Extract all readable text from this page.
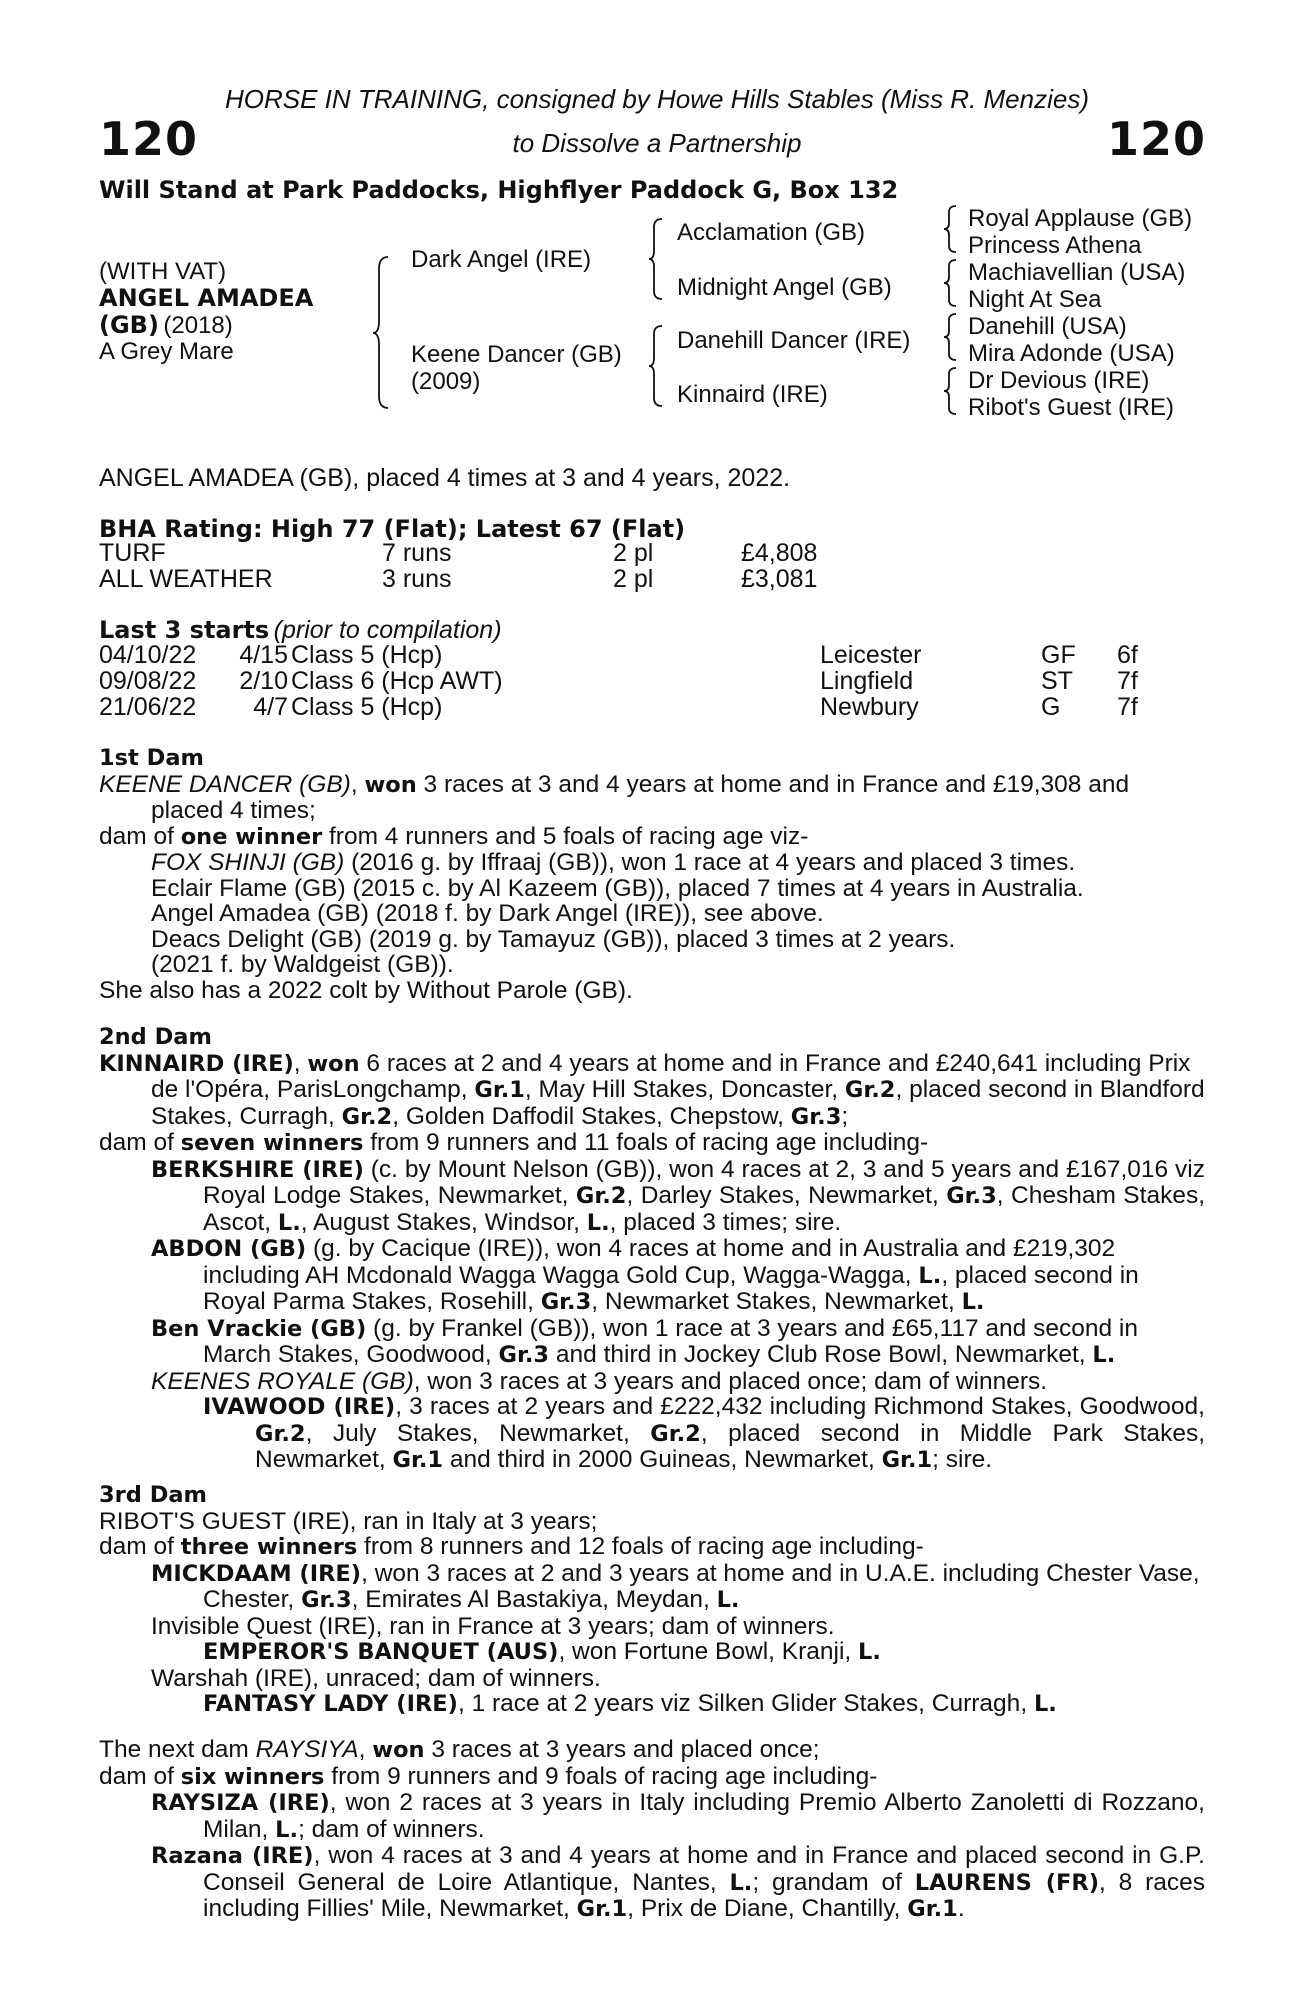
120	120
HORSE IN TRAINING, consigned by Howe Hills Stables (Miss R. Menzies)
to Dissolve a Partnership
Will Stand at Park Paddocks, Highflyer Paddock G, Box 132
(WITH VAT)
ANGEL AMADEA
(GB) (2018)
A Grey Mare
Dark Angel (IRE)
Keene Dancer (GB)
(2009)
Acclamation (GB)
Midnight Angel (GB)
Danehill Dancer (IRE)
Kinnaird (IRE)
Royal Applause (GB)
Princess Athena
Machiavellian (USA)
Night At Sea
Danehill (USA)
Mira Adonde (USA)
Dr Devious (IRE)
Ribot's Guest (IRE)
ANGEL AMADEA (GB), placed 4 times at 3 and 4 years, 2022.
BHA Rating: High 77 (Flat); Latest 67 (Flat)
TURF	7 runs	2 pl	£4,808
ALL WEATHER	3 runs	2 pl	£3,081
Last 3 starts (prior to compilation)
04/10/22	4/15 Class 5 (Hcp)	Leicester	GF 6f
09/08/22	2/10 Class 6 (Hcp AWT)	Lingfield	ST 7f
21/06/22	4/7 Class 5 (Hcp)	Newbury	G 7f

1st Dam

KEENE DANCER (GB), won 3 races at 3 and 4 years at home and in France and £19,308 and placed 4 times;

dam of one winner from 4 runners and 5 foals of racing age viz-

FOX SHINJI (GB) (2016 g. by Iffraaj (GB)), won 1 race at 4 years and placed 3 times.

Eclair Flame (GB) (2015 c. by Al Kazeem (GB)), placed 7 times at 4 years in Australia.

Angel Amadea (GB) (2018 f. by Dark Angel (IRE)), see above.

Deacs Delight (GB) (2019 g. by Tamayuz (GB)), placed 3 times at 2 years.

(2021 f. by Waldgeist (GB)).

She also has a 2022 colt by Without Parole (GB).

2nd Dam

KINNAIRD (IRE), won 6 races at 2 and 4 years at home and in France and £240,641 including Prix de l'Opéra, ParisLongchamp, Gr.1, May Hill Stakes, Doncaster, Gr.2, placed second in Blandford Stakes, Curragh, Gr.2, Golden Daffodil Stakes, Chepstow, Gr.3;

dam of seven winners from 9 runners and 11 foals of racing age including-

BERKSHIRE (IRE) (c. by Mount Nelson (GB)), won 4 races at 2, 3 and 5 years and £167,016 viz Royal Lodge Stakes, Newmarket, Gr.2, Darley Stakes, Newmarket, Gr.3, Chesham Stakes, Ascot, L., August Stakes, Windsor, L., placed 3 times; sire.

ABDON (GB) (g. by Cacique (IRE)), won 4 races at home and in Australia and £219,302 including AH Mcdonald Wagga Wagga Gold Cup, Wagga-Wagga, L., placed second in Royal Parma Stakes, Rosehill, Gr.3, Newmarket Stakes, Newmarket, L.

Ben Vrackie (GB) (g. by Frankel (GB)), won 1 race at 3 years and £65,117 and second in March Stakes, Goodwood, Gr.3 and third in Jockey Club Rose Bowl, Newmarket, L.

KEENES ROYALE (GB), won 3 races at 3 years and placed once; dam of winners.

IVAWOOD (IRE), 3 races at 2 years and £222,432 including Richmond Stakes, Goodwood, Gr.2, July Stakes, Newmarket, Gr.2, placed second in Middle Park Stakes, Newmarket, Gr.1 and third in 2000 Guineas, Newmarket, Gr.1; sire.

3rd Dam

RIBOT'S GUEST (IRE), ran in Italy at 3 years;

dam of three winners from 8 runners and 12 foals of racing age including-

MICKDAAM (IRE), won 3 races at 2 and 3 years at home and in U.A.E. including Chester Vase, Chester, Gr.3, Emirates Al Bastakiya, Meydan, L.

Invisible Quest (IRE), ran in France at 3 years; dam of winners.

EMPEROR'S BANQUET (AUS), won Fortune Bowl, Kranji, L.

Warshah (IRE), unraced; dam of winners.

FANTASY LADY (IRE), 1 race at 2 years viz Silken Glider Stakes, Curragh, L.

The next dam RAYSIYA, won 3 races at 3 years and placed once;

dam of six winners from 9 runners and 9 foals of racing age including-

RAYSIZA (IRE), won 2 races at 3 years in Italy including Premio Alberto Zanoletti di Rozzano, Milan, L.; dam of winners.

Razana (IRE), won 4 races at 3 and 4 years at home and in France and placed second in G.P. Conseil General de Loire Atlantique, Nantes, L.; grandam of LAURENS (FR), 8 races including Fillies' Mile, Newmarket, Gr.1, Prix de Diane, Chantilly, Gr.1.
